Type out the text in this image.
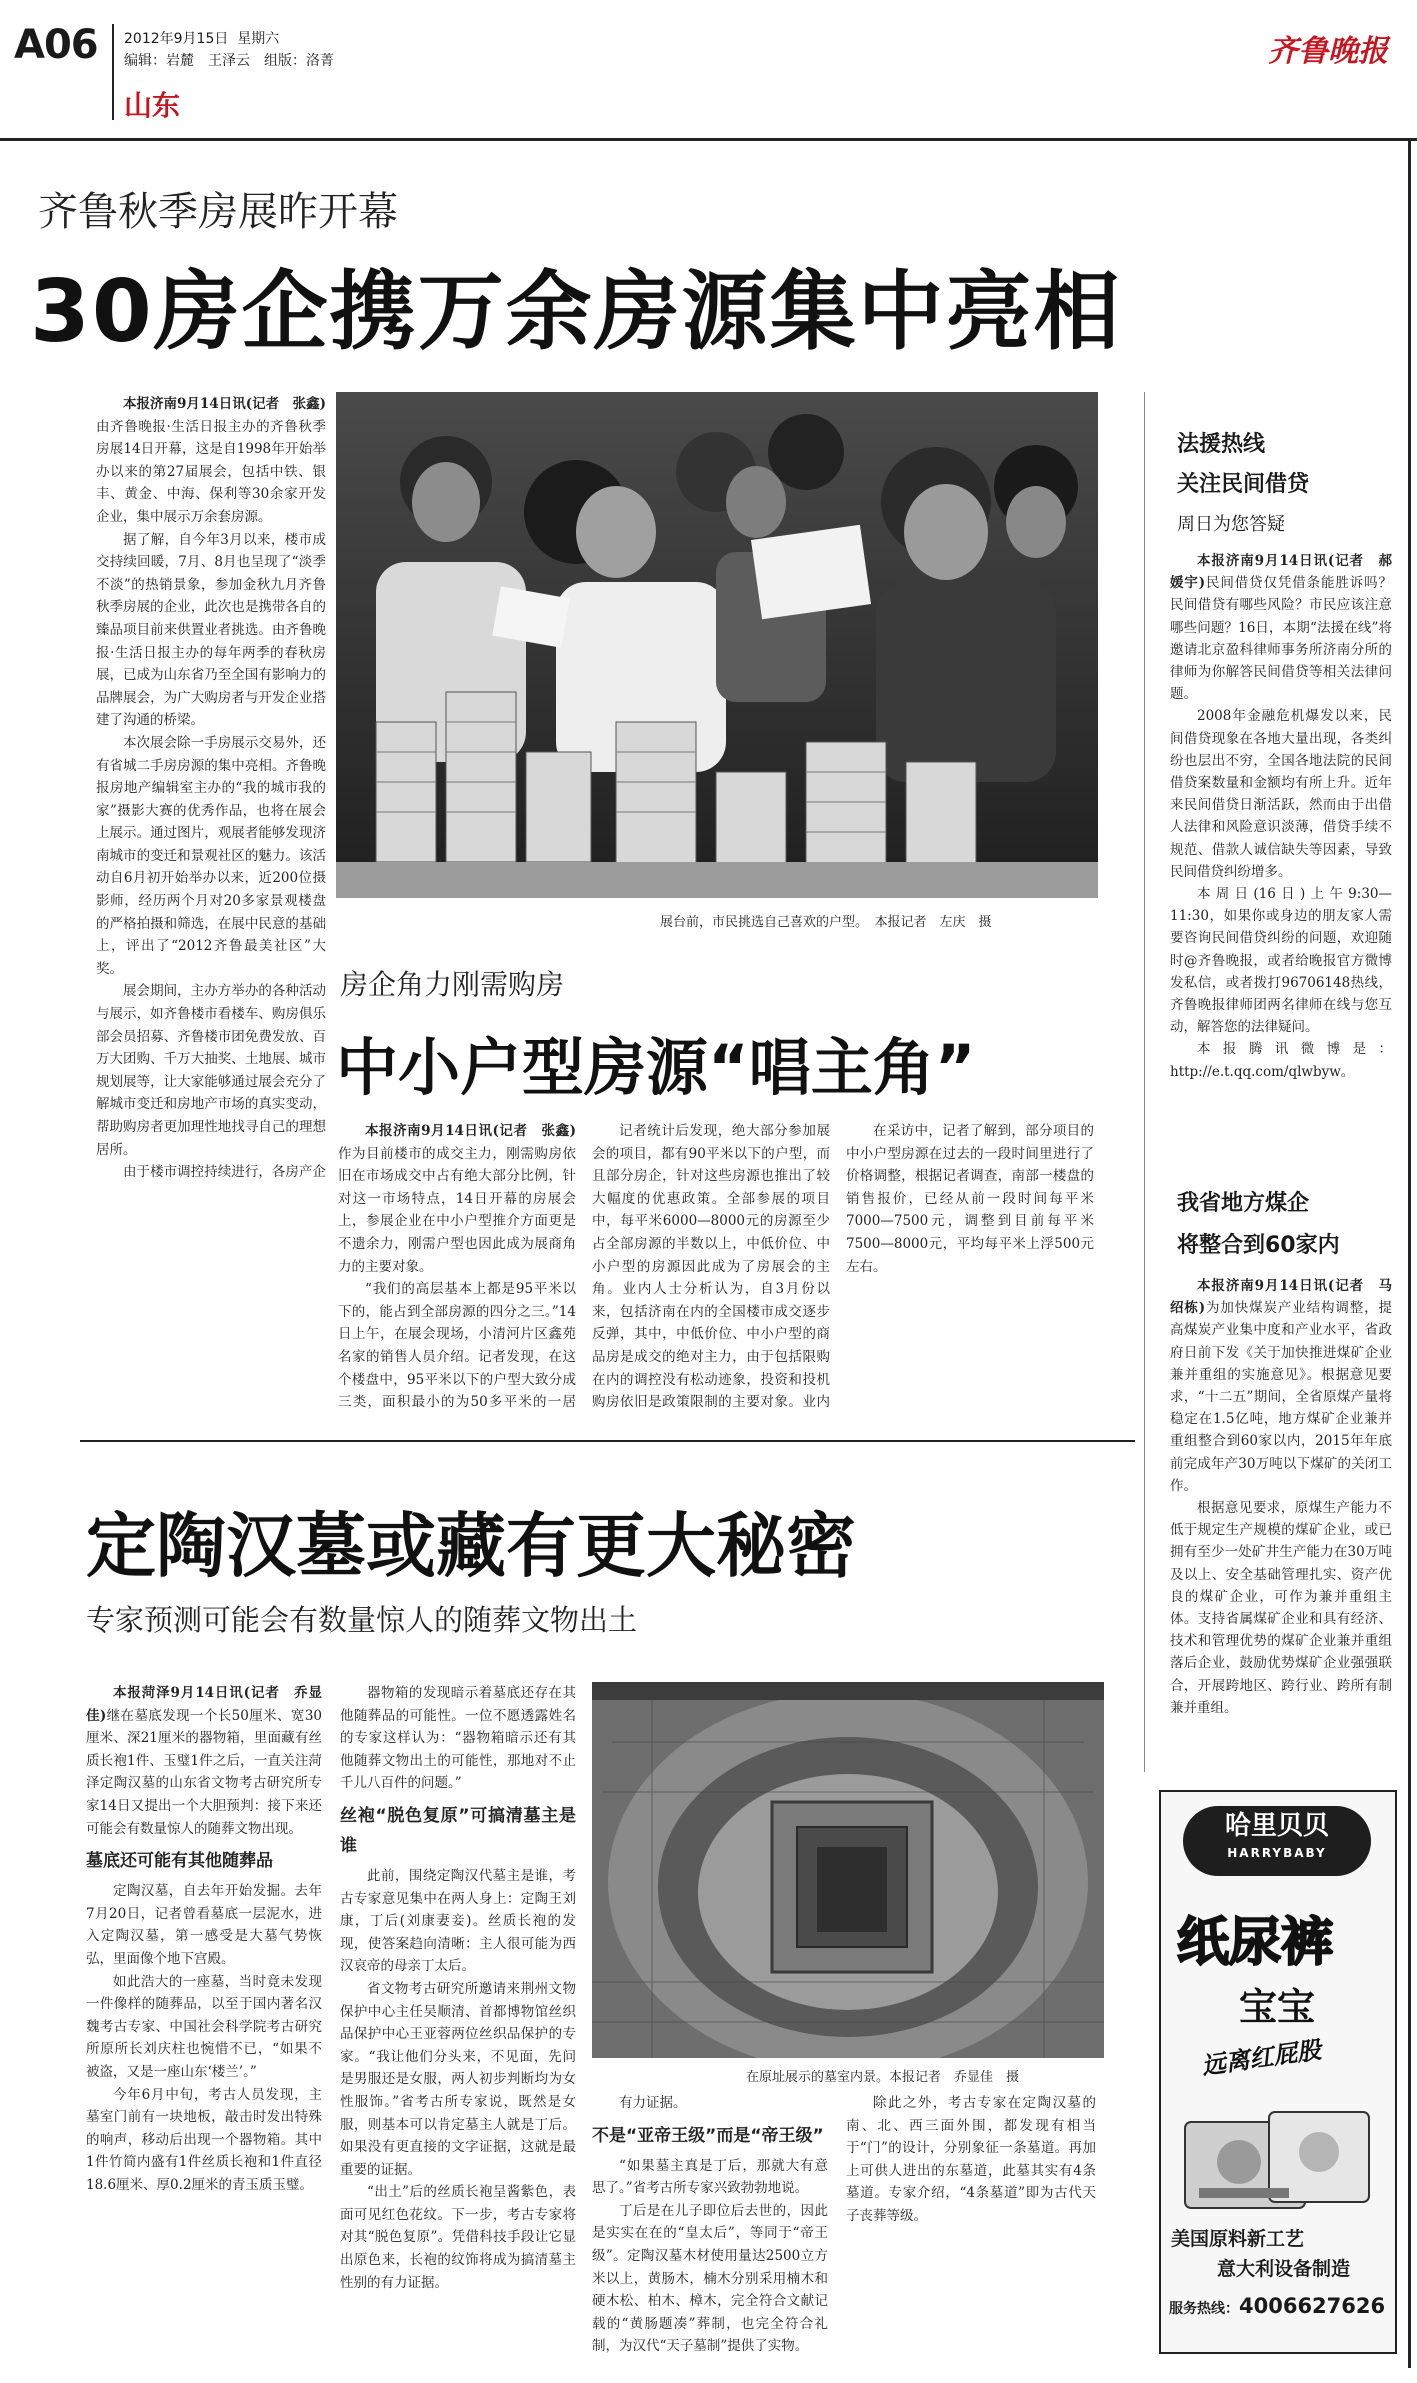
A06 2012年9月15日 星期六
编辑：岩麓　王泽云　组版：洛菁
山东
齐鲁晚报
齐鲁秋季房展昨开幕
30房企携万余房源集中亮相
展台前，市民挑选自己喜欢的户型。　本报记者　左庆　摄

本报济南9月14日讯(记者　张鑫)由齐鲁晚报·生活日报主办的齐鲁秋季房展14日开幕，这是自1998年开始举办以来的第27届展会，包括中铁、银丰、黄金、中海、保利等30余家开发企业，集中展示万余套房源。

据了解，自今年3月以来，楼市成交持续回暖，7月、8月也呈现了“淡季不淡”的热销景象，参加金秋九月齐鲁秋季房展的企业，此次也是携带各自的臻品项目前来供置业者挑选。由齐鲁晚报·生活日报主办的每年两季的春秋房展，已成为山东省乃至全国有影响力的品牌展会，为广大购房者与开发企业搭建了沟通的桥梁。

本次展会除一手房展示交易外，还有省城二手房房源的集中亮相。齐鲁晚报房地产编辑室主办的“我的城市我的家”摄影大赛的优秀作品，也将在展会上展示。通过图片，观展者能够发现济南城市的变迁和景观社区的魅力。该活动自6月初开始举办以来，近200位摄影师，经历两个月对20多家景观楼盘的严格拍摄和筛选，在展中民意的基础上，评出了“2012齐鲁最美社区”大奖。

展会期间，主办方举办的各种活动与展示，如齐鲁楼市看楼车、购房俱乐部会员招募、齐鲁楼市团免费发放、百万大团购、千万大抽奖、土地展、城市规划展等，让大家能够通过展会充分了解城市变迁和房地产市场的真实变动，帮助购房者更加理性地找寻自己的理想居所。

由于楼市调控持续进行，各房产企

房企角力刚需购房
中小户型房源“唱主角”

本报济南9月14日讯(记者　张鑫)作为目前楼市的成交主力，刚需购房依旧在市场成交中占有绝大部分比例，针对这一市场特点，14日开幕的房展会上，参展企业在中小户型推介方面更是不遗余力，刚需户型也因此成为展商角力的主要对象。

“我们的高层基本上都是95平米以下的，能占到全部房源的四分之三。”14日上午，在展会现场，小清河片区鑫苑名家的销售人员介绍。记者发现，在这个楼盘中，95平米以下的户型大致分成三类，面积最小的为50多平米的一居

记者统计后发现，绝大部分参加展会的项目，都有90平米以下的户型，而且部分房企，针对这些房源也推出了较大幅度的优惠政策。全部参展的项目中，每平米6000—8000元的房源至少占全部房源的半数以上，中低价位、中小户型的房源因此成为了房展会的主角。业内人士分析认为，自3月份以来，包括济南在内的全国楼市成交逐步反弹，其中，中低价位、中小户型的商品房是成交的绝对主力，由于包括限购在内的调控没有松动迹象，投资和投机购房依旧是政策限制的主要对象。业内

在采访中，记者了解到，部分项目的中小户型房源在过去的一段时间里进行了价格调整，根据记者调查，南部一楼盘的销售报价，已经从前一段时间每平米7000—7500元，调整到目前每平米7500—8000元，平均每平米上浮500元左右。

法援热线
关注民间借贷
周日为您答疑

本报济南9月14日讯(记者　郝媛宇)民间借贷仅凭借条能胜诉吗？民间借贷有哪些风险？市民应该注意哪些问题？16日，本期“法援在线”将邀请北京盈科律师事务所济南分所的律师为你解答民间借贷等相关法律问题。

2008年金融危机爆发以来，民间借贷现象在各地大量出现，各类纠纷也层出不穷，全国各地法院的民间借贷案数量和金额均有所上升。近年来民间借贷日渐活跃，然而由于出借人法律和风险意识淡薄，借贷手续不规范、借款人诚信缺失等因素，导致民间借贷纠纷增多。

本周日(16日)上午9:30—11:30，如果你或身边的朋友家人需要咨询民间借贷纠纷的问题，欢迎随时@齐鲁晚报，或者给晚报官方微博发私信，或者拨打96706148热线，齐鲁晚报律师团两名律师在线与您互动，解答您的法律疑问。

本报腾讯微博是：http://e.t.qq.com/qlwbyw。

我省地方煤企
将整合到60家内

本报济南9月14日讯(记者　马绍栋)为加快煤炭产业结构调整，提高煤炭产业集中度和产业水平，省政府日前下发《关于加快推进煤矿企业兼并重组的实施意见》。根据意见要求，“十二五”期间，全省原煤产量将稳定在1.5亿吨，地方煤矿企业兼并重组整合到60家以内，2015年年底前完成年产30万吨以下煤矿的关闭工作。

根据意见要求，原煤生产能力不低于规定生产规模的煤矿企业，或已拥有至少一处矿井生产能力在30万吨及以上、安全基础管理扎实、资产优良的煤矿企业，可作为兼并重组主体。支持省属煤矿企业和具有经济、技术和管理优势的煤矿企业兼并重组落后企业，鼓励优势煤矿企业强强联合，开展跨地区、跨行业、跨所有制兼并重组。

定陶汉墓或藏有更大秘密
专家预测可能会有数量惊人的随葬文物出土

本报菏泽9月14日讯(记者　乔显佳)继在墓底发现一个长50厘米、宽30厘米、深21厘米的器物箱，里面藏有丝质长袍1件、玉璧1件之后，一直关注菏泽定陶汉墓的山东省文物考古研究所专家14日又提出一个大胆预判：接下来还可能会有数量惊人的随葬文物出现。

墓底还可能有其他随葬品

定陶汉墓，自去年开始发掘。去年7月20日，记者曾看墓底一层泥水，进入定陶汉墓，第一感受是大墓气势恢弘，里面像个地下宫殿。

如此浩大的一座墓，当时竟未发现一件像样的随葬品，以至于国内著名汉魏考古专家、中国社会科学院考古研究所原所长刘庆柱也惋惜不已，“如果不被盗，又是一座山东‘楼兰’。”

今年6月中旬，考古人员发现，主墓室门前有一块地板，敲击时发出特殊的响声，移动后出现一个器物箱。其中1件竹简内盛有1件丝质长袍和1件直径18.6厘米、厚0.2厘米的青玉质玉璧。

器物箱的发现暗示着墓底还存在其他随葬品的可能性。一位不愿透露姓名的专家这样认为：“器物箱暗示还有其他随葬文物出土的可能性，那地对不止千儿八百件的问题。”

丝袍“脱色复原”可搞清墓主是谁

此前，围绕定陶汉代墓主是谁，考古专家意见集中在两人身上：定陶王刘康，丁后(刘康妻妾)。丝质长袍的发现，使答案趋向清晰：主人很可能为西汉哀帝的母亲丁太后。

省文物考古研究所邀请来荆州文物保护中心主任吴顺清、首都博物馆丝织品保护中心王亚蓉两位丝织品保护的专家。“我让他们分头来，不见面，先问是男服还是女服，两人初步判断均为女性服饰。”省考古所专家说，既然是女服，则基本可以肯定墓主人就是丁后。如果没有更直接的文字证据，这就是最重要的证据。

“出土”后的丝质长袍呈酱紫色，表面可见红色花纹。下一步，考古专家将对其“脱色复原”。凭借科技手段让它显出原色来，长袍的纹饰将成为搞清墓主性别的有力证据。

在原址展示的墓室内景。本报记者　乔显佳　摄

有力证据。

不是“亚帝王级”而是“帝王级”

“如果墓主真是丁后，那就大有意思了。”省考古所专家兴致勃勃地说。

丁后是在儿子即位后去世的，因此是实实在在的“皇太后”，等同于“帝王级”。定陶汉墓木材使用量达2500立方米以上，黄肠木，楠木分别采用楠木和硬木松、柏木、樟木，完全符合文献记载的“黄肠题凑”葬制，也完全符合礼制，为汉代“天子墓制”提供了实物。

除此之外，考古专家在定陶汉墓的南、北、西三面外围，都发现有相当于“门”的设计，分别象征一条墓道。再加上可供人进出的东墓道，此墓其实有4条墓道。专家介绍，“4条墓道”即为古代天子丧葬等级。

哈里贝贝
HARRYBABY
纸尿裤
宝宝
远离红屁股
美国原料新工艺
意大利设备制造
服务热线：4006627626
